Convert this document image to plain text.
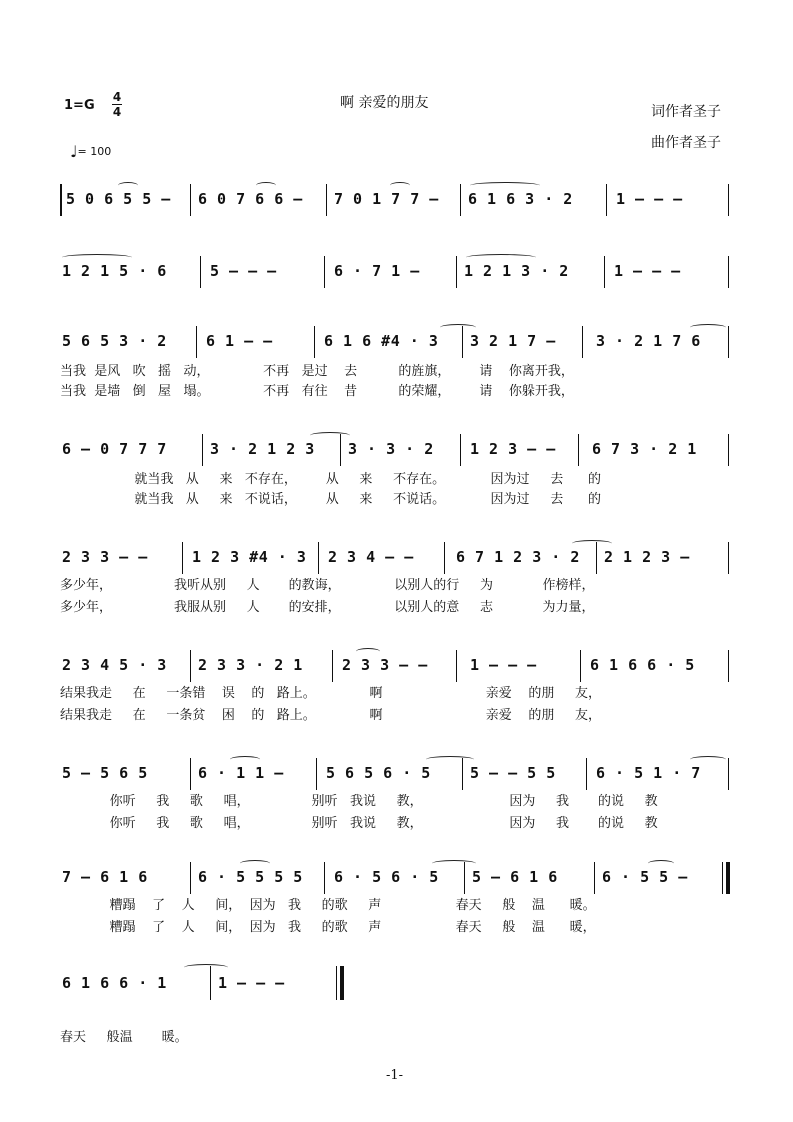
1=G
4
4
♩= 100
啊 亲爱的朋友
词作者圣子
曲作者圣子
5 0 6 5 5 – 6 0 7 6 6 – 7 0 1 7 7 – 6 1 6 3 · 2	1 – – –
1 2 1 5 · 6	5 – – –	6 · 7 1 –	1 2 1 3 · 2	1 – – –
5 6 5 3 · 2	6 1 – –	6 1 6 #4 · 3 3 2 1 7 –	3 · 2 1 7 6
当我  是风   吹   摇   动，             不再   是过    去          的旌旗，       请    你离开我，
当我  是墙   倒   屋   塌。             不再   有往    昔          的荣耀，       请    你躲开我，
6 – 0 7 7 7	3 · 2 1 2 3 3 · 3 · 2 1 2 3 – – 6 7 3 · 2 1
就当我   从     来   不存在，       从     来     不存在。           因为过     去      的
就当我   从     来   不说话，       从     来     不说话。           因为过     去      的
2 3 3 – –	1 2 3 #4 · 3 2 3 4 – –	6 7 1 2 3 · 2 2 1 2 3 –
多少年，               我听从别     人       的教诲，             以别人的行     为            作榜样，
多少年，               我服从别     人       的安排，             以别人的意     志            为力量，
2 3 4 5 · 3 2 3 3 · 2 1	2 3 3 – –	1 – – –	6 1 6 6 · 5
结果我走     在     一条错    误    的   路上。             啊                         亲爱    的朋     友，
结果我走     在     一条贫    困    的   路上。             啊                         亲爱    的朋     友，
5 – 5 6 5	6 · 1 1 –	5 6 5 6 · 5	5 – – 5 5	6 · 5 1 · 7
你听     我     歌     唱，               别听   我说     教，                     因为     我       的说     教
你听     我     歌     唱，               别听   我说     教，                     因为     我       的说     教
7 – 6 1 6	6 · 5 5 5 5 6 · 5 6 · 5 5 – 6 1 6	6 · 5 5 –
糟蹋    了    人     间，  因为   我     的歌     声                  春天     般    温      暖。
糟蹋    了    人     间，  因为   我     的歌     声                  春天     般    温      暖，
6 1 6 6 · 1	1 – – –
春天     般温       暖。
-1-
